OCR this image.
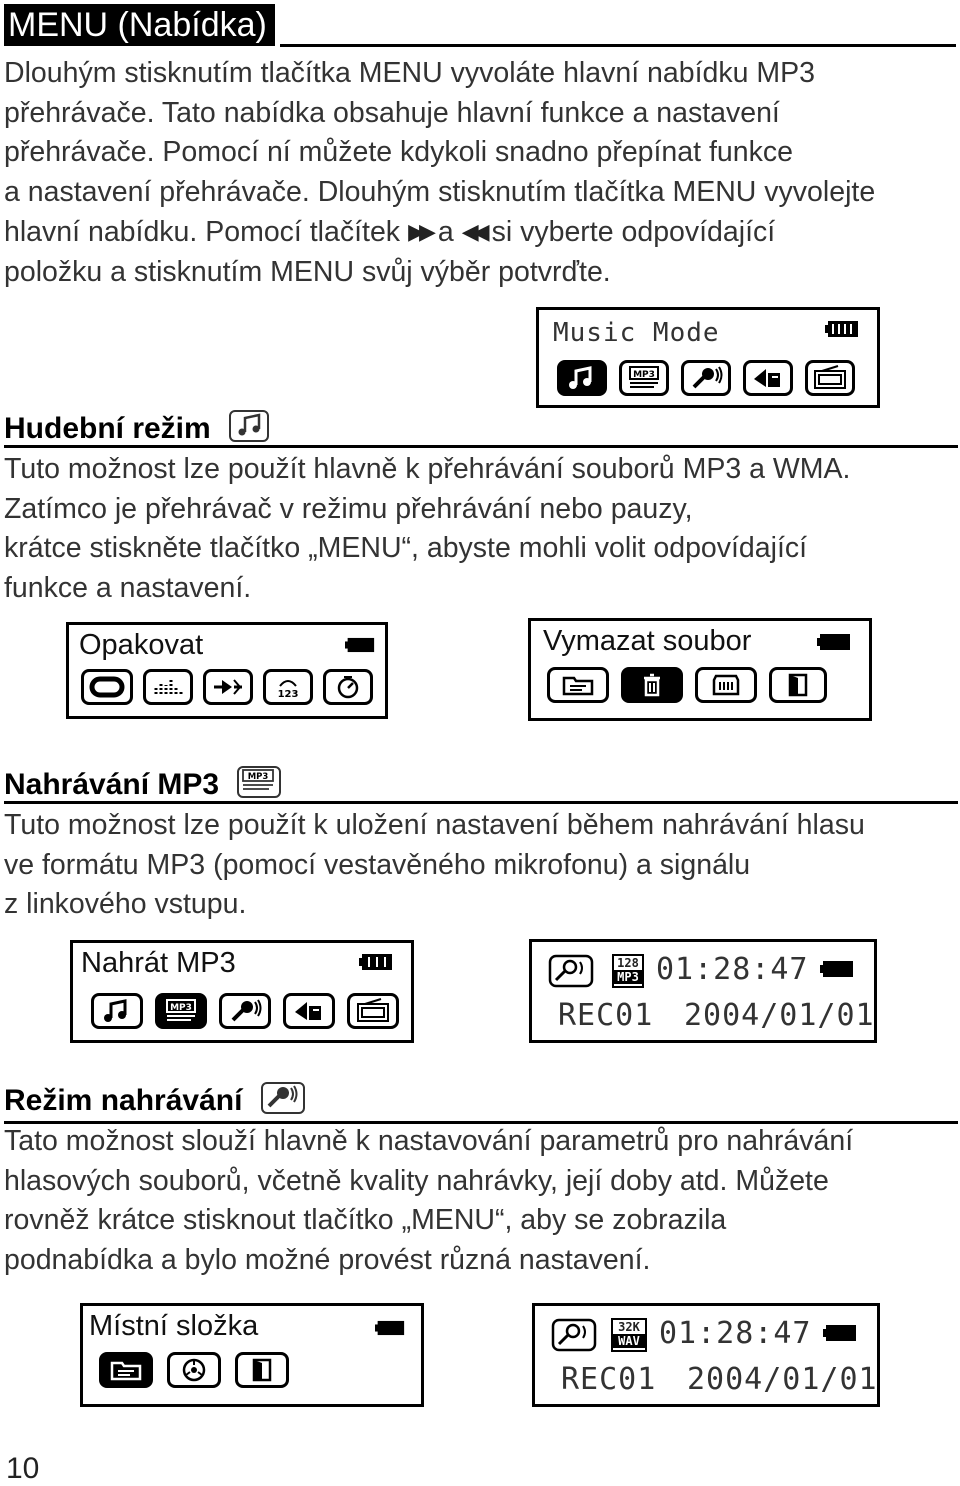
MENU (Nabídka)
Dlouhým stisknutím tlačítka MENU vyvoláte hlavní nabídku MP3
přehrávače. Tato nabídka obsahuje hlavní funkce a nastavení
přehrávače. Pomocí ní můžete kdykoli snadno přepínat funkce
a nastavení přehrávače. Dlouhým stisknutím tlačítka MENU vyvolejte
hlavní nabídku. Pomocí tlačítek ▶▶ a ◀◀ si vyberte odpovídající
položku a stisknutím MENU svůj výběr potvrďte.
Music Mode
MP3
Hudební režim
Tuto možnost lze použít hlavně k přehrávání souborů MP3 a WMA.
Zatímco je přehrávač v režimu přehrávání nebo pauzy,
krátce stiskněte tlačítko „MENU“, abyste mohli volit odpovídající
funkce a nastavení.
Opakovat
123
Vymazat soubor
Nahrávání MP3	MP3
Tuto možnost lze použít k uložení nastavení během nahrávání hlasu
ve formátu MP3 (pomocí vestavěného mikrofonu) a signálu
z linkového vstupu.
Nahrát MP3
MP3
128
MP3 01:28:47
REC01 2004/01/01
Režim nahrávání
Tato možnost slouží hlavně k nastavování parametrů pro nahrávání
hlasových souborů, včetně kvality nahrávky, její doby atd. Můžete
rovněž krátce stisknout tlačítko „MENU“, aby se zobrazila
podnabídka a bylo možné provést různá nastavení.
Místní složka	32K
WAV 01:28:47
REC01 2004/01/01
10
